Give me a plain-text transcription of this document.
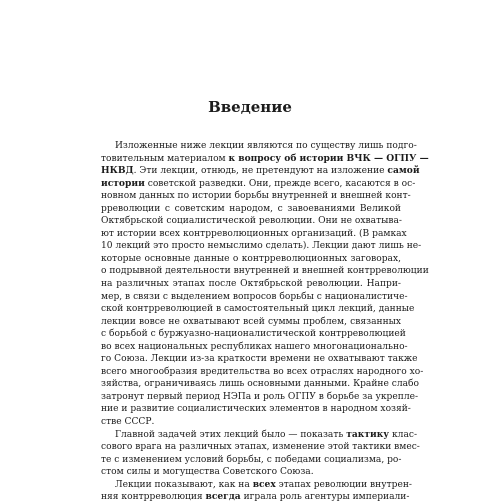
Введение
Изложенные ниже лекции являются по существу лишь подго-
товительным материалом к вопросу об истории ВЧК — ОГПУ —
НКВД. Эти лекции, отнюдь, не претендуют на изложение самой
истории советской разведки. Они, прежде всего, касаются в ос-
новном данных по истории борьбы внутренней и внешней конт-
рреволюции с советским народом, с завоеваниями Великой
Октябрьской социалистической революции. Они не охватыва-
ют истории всех контрреволюционных организаций. (В рамках
10 лекций это просто немыслимо сделать). Лекции дают лишь не-
которые основные данные о контрреволюционных заговорах,
о подрывной деятельности внутренней и внешней контрреволюции
на различных этапах после Октябрьской революции. Напри-
мер, в связи с выделением вопросов борьбы с националистиче-
ской контрреволюцией в самостоятельный цикл лекций, данные
лекции вовсе не охватывают всей суммы проблем, связанных
с борьбой с буржуазно-националистической контрреволюцией
во всех национальных республиках нашего многонационально-
го Союза. Лекции из-за краткости времени не охватывают также
всего многообразия вредительства во всех отраслях народного хо-
зяйства, ограничиваясь лишь основными данными. Крайне слабо
затронут первый период НЭПа и роль ОГПУ в борьбе за укрепле-
ние и развитие социалистических элементов в народном хозяй-
стве СССР.
Главной задачей этих лекций было — показать тактику клас-
сового врага на различных этапах, изменение этой тактики вмес-
те с изменением условий борьбы, с победами социализма, ро-
стом силы и могущества Советского Союза.
Лекции показывают, как на всех этапах революции внутрен-
няя контрреволюция всегда играла роль агентуры империали-
